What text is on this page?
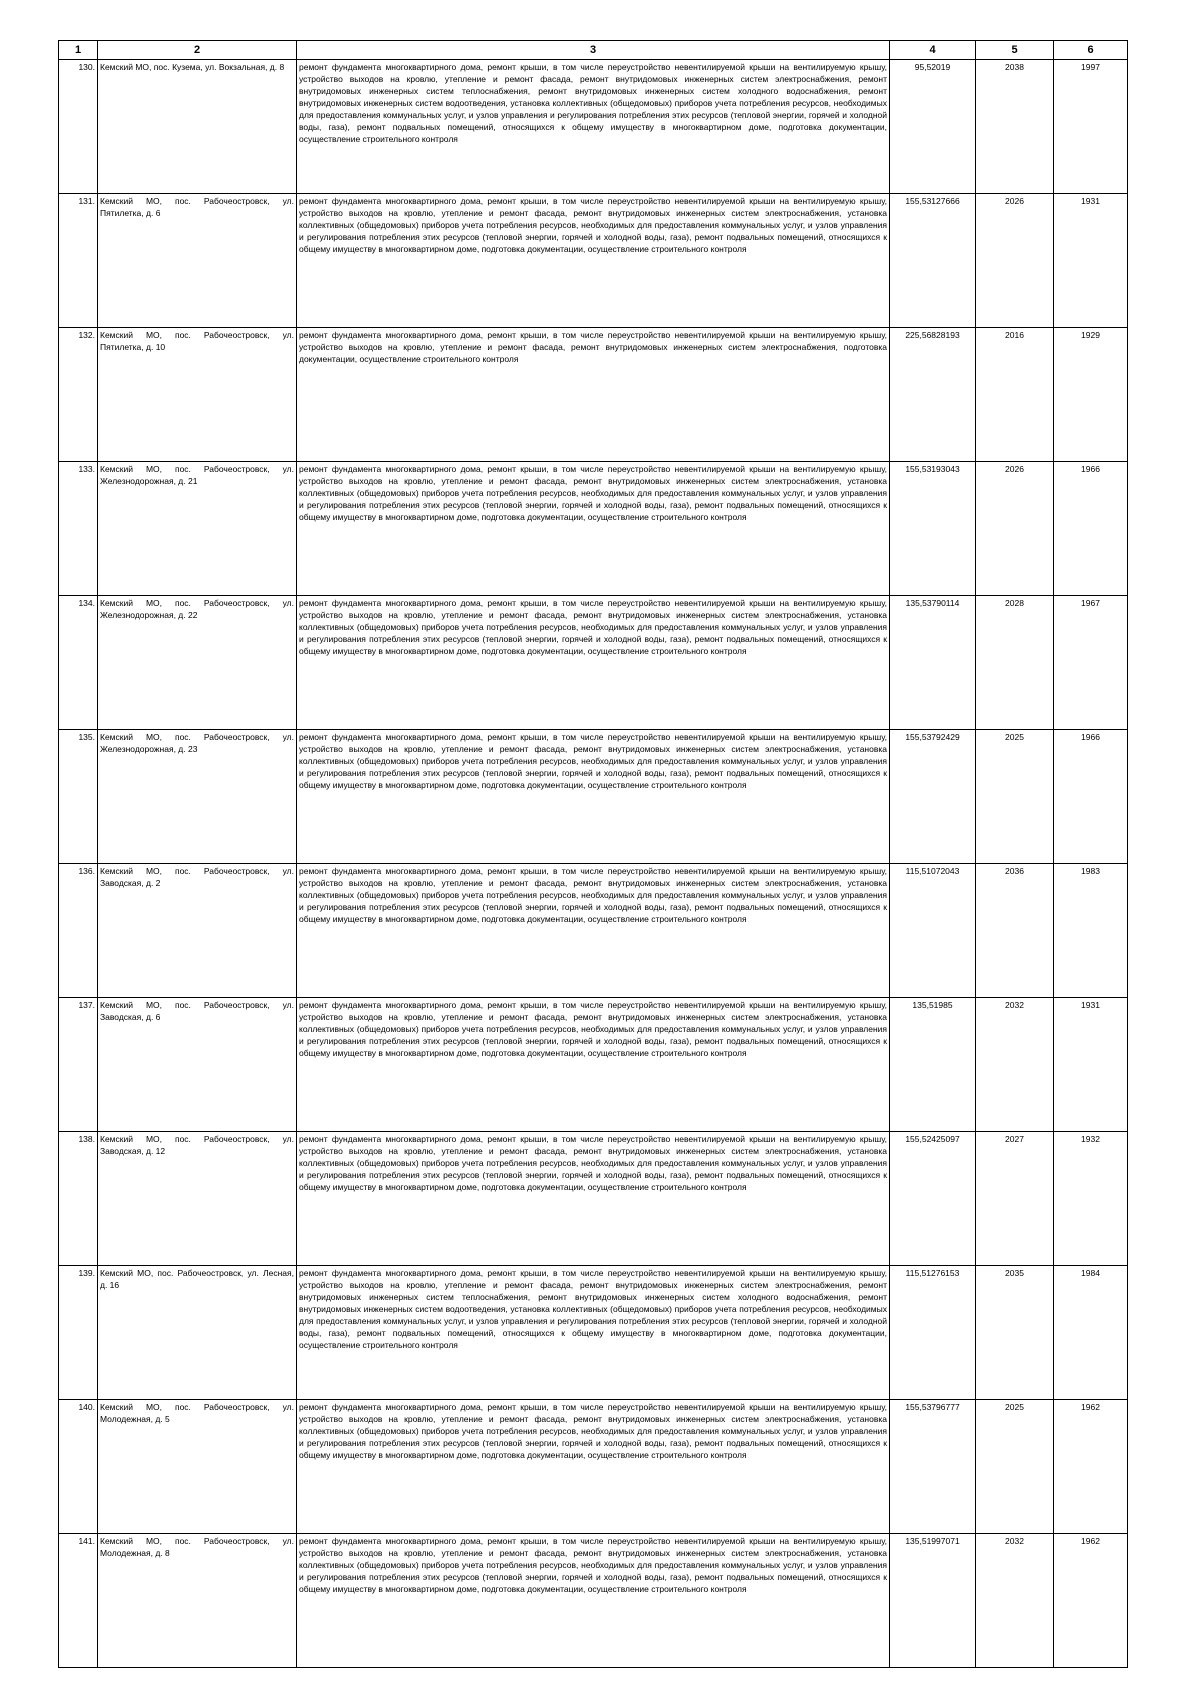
1	2	3	4	5	6
130.	Кемский МО, пос. Кузема, ул. Вокзальная, д. 8	ремонт фундамента многоквартирного дома, ремонт крыши, в том числе переустройство невентилируемой крыши на вентилируемую крышу, устройство выходов на кровлю, утепление и ремонт фасада, ремонт внутридомовых инженерных систем электроснабжения, ремонт внутридомовых инженерных систем теплоснабжения, ремонт внутридомовых инженерных систем холодного водоснабжения, ремонт внутридомовых инженерных систем водоотведения, установка коллективных (общедомовых) приборов учета потребления ресурсов, необходимых для предоставления коммунальных услуг, и узлов управления и регулирования потребления этих ресурсов (тепловой энергии, горячей и холодной воды, газа), ремонт подвальных помещений, относящихся к общему имуществу в многоквартирном доме, подготовка документации, осуществление строительного контроля	95,52019	2038	1997
131.	Кемский МО, пос. Рабочеостровск, ул. Пятилетка, д. 6	ремонт фундамента многоквартирного дома, ремонт крыши, в том числе переустройство невентилируемой крыши на вентилируемую крышу, устройство выходов на кровлю, утепление и ремонт фасада, ремонт внутридомовых инженерных систем электроснабжения, установка коллективных (общедомовых) приборов учета потребления ресурсов, необходимых для предоставления коммунальных услуг, и узлов управления и регулирования потребления этих ресурсов (тепловой энергии, горячей и холодной воды, газа), ремонт подвальных помещений, относящихся к общему имуществу в многоквартирном доме, подготовка документации, осуществление строительного контроля	155,53127666	2026	1931
132.	Кемский МО, пос. Рабочеостровск, ул. Пятилетка, д. 10	ремонт фундамента многоквартирного дома, ремонт крыши, в том числе переустройство невентилируемой крыши на вентилируемую крышу, устройство выходов на кровлю, утепление и ремонт фасада, ремонт внутридомовых инженерных систем электроснабжения, подготовка документации, осуществление строительного контроля	225,56828193	2016	1929
133.	Кемский МО, пос. Рабочеостровск, ул. Железнодорожная, д. 21	ремонт фундамента многоквартирного дома, ремонт крыши, в том числе переустройство невентилируемой крыши на вентилируемую крышу, устройство выходов на кровлю, утепление и ремонт фасада, ремонт внутридомовых инженерных систем электроснабжения, установка коллективных (общедомовых) приборов учета потребления ресурсов, необходимых для предоставления коммунальных услуг, и узлов управления и регулирования потребления этих ресурсов (тепловой энергии, горячей и холодной воды, газа), ремонт подвальных помещений, относящихся к общему имуществу в многоквартирном доме, подготовка документации, осуществление строительного контроля	155,53193043	2026	1966
134.	Кемский МО, пос. Рабочеостровск, ул. Железнодорожная, д. 22	ремонт фундамента многоквартирного дома, ремонт крыши, в том числе переустройство невентилируемой крыши на вентилируемую крышу, устройство выходов на кровлю, утепление и ремонт фасада, ремонт внутридомовых инженерных систем электроснабжения, установка коллективных (общедомовых) приборов учета потребления ресурсов, необходимых для предоставления коммунальных услуг, и узлов управления и регулирования потребления этих ресурсов (тепловой энергии, горячей и холодной воды, газа), ремонт подвальных помещений, относящихся к общему имуществу в многоквартирном доме, подготовка документации, осуществление строительного контроля	135,53790114	2028	1967
135.	Кемский МО, пос. Рабочеостровск, ул. Железнодорожная, д. 23	ремонт фундамента многоквартирного дома, ремонт крыши, в том числе переустройство невентилируемой крыши на вентилируемую крышу, устройство выходов на кровлю, утепление и ремонт фасада, ремонт внутридомовых инженерных систем электроснабжения, установка коллективных (общедомовых) приборов учета потребления ресурсов, необходимых для предоставления коммунальных услуг, и узлов управления и регулирования потребления этих ресурсов (тепловой энергии, горячей и холодной воды, газа), ремонт подвальных помещений, относящихся к общему имуществу в многоквартирном доме, подготовка документации, осуществление строительного контроля	155,53792429	2025	1966
136.	Кемский МО, пос. Рабочеостровск, ул. Заводская, д. 2	ремонт фундамента многоквартирного дома, ремонт крыши, в том числе переустройство невентилируемой крыши на вентилируемую крышу, устройство выходов на кровлю, утепление и ремонт фасада, ремонт внутридомовых инженерных систем электроснабжения, установка коллективных (общедомовых) приборов учета потребления ресурсов, необходимых для предоставления коммунальных услуг, и узлов управления и регулирования потребления этих ресурсов (тепловой энергии, горячей и холодной воды, газа), ремонт подвальных помещений, относящихся к общему имуществу в многоквартирном доме, подготовка документации, осуществление строительного контроля	115,51072043	2036	1983
137.	Кемский МО, пос. Рабочеостровск, ул. Заводская, д. 6	ремонт фундамента многоквартирного дома, ремонт крыши, в том числе переустройство невентилируемой крыши на вентилируемую крышу, устройство выходов на кровлю, утепление и ремонт фасада, ремонт внутридомовых инженерных систем электроснабжения, установка коллективных (общедомовых) приборов учета потребления ресурсов, необходимых для предоставления коммунальных услуг, и узлов управления и регулирования потребления этих ресурсов (тепловой энергии, горячей и холодной воды, газа), ремонт подвальных помещений, относящихся к общему имуществу в многоквартирном доме, подготовка документации, осуществление строительного контроля	135,51985	2032	1931
138.	Кемский МО, пос. Рабочеостровск, ул. Заводская, д. 12	ремонт фундамента многоквартирного дома, ремонт крыши, в том числе переустройство невентилируемой крыши на вентилируемую крышу, устройство выходов на кровлю, утепление и ремонт фасада, ремонт внутридомовых инженерных систем электроснабжения, установка коллективных (общедомовых) приборов учета потребления ресурсов, необходимых для предоставления коммунальных услуг, и узлов управления и регулирования потребления этих ресурсов (тепловой энергии, горячей и холодной воды, газа), ремонт подвальных помещений, относящихся к общему имуществу в многоквартирном доме, подготовка документации, осуществление строительного контроля	155,52425097	2027	1932
139.	Кемский МО, пос. Рабочеостровск, ул. Лесная, д. 16	ремонт фундамента многоквартирного дома, ремонт крыши, в том числе переустройство невентилируемой крыши на вентилируемую крышу, устройство выходов на кровлю, утепление и ремонт фасада, ремонт внутридомовых инженерных систем электроснабжения, ремонт внутридомовых инженерных систем теплоснабжения, ремонт внутридомовых инженерных систем холодного водоснабжения, ремонт внутридомовых инженерных систем водоотведения, установка коллективных (общедомовых) приборов учета потребления ресурсов, необходимых для предоставления коммунальных услуг, и узлов управления и регулирования потребления этих ресурсов (тепловой энергии, горячей и холодной воды, газа), ремонт подвальных помещений, относящихся к общему имуществу в многоквартирном доме, подготовка документации, осуществление строительного контроля	115,51276153	2035	1984
140.	Кемский МО, пос. Рабочеостровск, ул. Молодежная, д. 5	ремонт фундамента многоквартирного дома, ремонт крыши, в том числе переустройство невентилируемой крыши на вентилируемую крышу, устройство выходов на кровлю, утепление и ремонт фасада, ремонт внутридомовых инженерных систем электроснабжения, установка коллективных (общедомовых) приборов учета потребления ресурсов, необходимых для предоставления коммунальных услуг, и узлов управления и регулирования потребления этих ресурсов (тепловой энергии, горячей и холодной воды, газа), ремонт подвальных помещений, относящихся к общему имуществу в многоквартирном доме, подготовка документации, осуществление строительного контроля	155,53796777	2025	1962
141.	Кемский МО, пос. Рабочеостровск, ул. Молодежная, д. 8	ремонт фундамента многоквартирного дома, ремонт крыши, в том числе переустройство невентилируемой крыши на вентилируемую крышу, устройство выходов на кровлю, утепление и ремонт фасада, ремонт внутридомовых инженерных систем электроснабжения, установка коллективных (общедомовых) приборов учета потребления ресурсов, необходимых для предоставления коммунальных услуг, и узлов управления и регулирования потребления этих ресурсов (тепловой энергии, горячей и холодной воды, газа), ремонт подвальных помещений, относящихся к общему имуществу в многоквартирном доме, подготовка документации, осуществление строительного контроля	135,51997071	2032	1962
